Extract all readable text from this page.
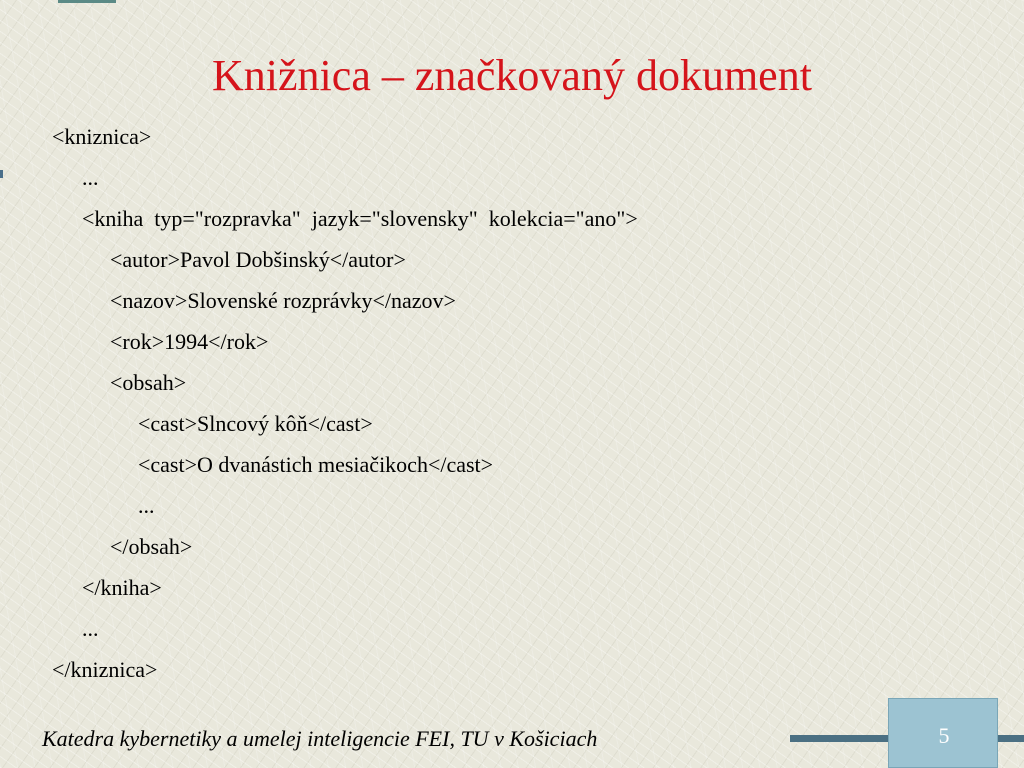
Knižnica – značkovaný dokument
<kniznica>
...
<kniha  typ="rozpravka"  jazyk="slovensky"  kolekcia="ano">
<autor>Pavol Dobšinský</autor>
<nazov>Slovenské rozprávky</nazov>
<rok>1994</rok>
<obsah>
<cast>Slncový kôň</cast>
<cast>O dvanástich mesiačikoch</cast>
...
</obsah>
</kniha>
...
</kniznica>
Katedra kybernetiky a umelej inteligencie FEI, TU v Košiciach	5
